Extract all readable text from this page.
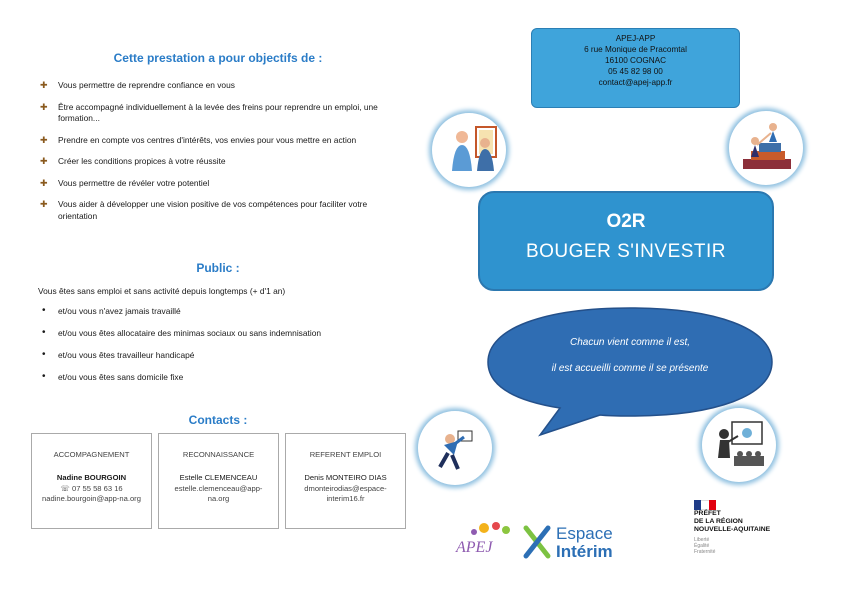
Cette prestation a pour objectifs de :
✚ Vous permettre de reprendre confiance en vous
✚ Être accompagné individuellement à la levée des freins pour reprendre un emploi, une formation...
✚ Prendre en compte vos centres d'intérêts, vos envies pour vous mettre en action
✚ Créer les conditions propices à votre réussite
✚ Vous permettre de révéler votre potentiel
✚ Vous aider à développer une vision positive de vos compétences pour faciliter votre orientation
Public :
Vous êtes sans emploi et sans activité depuis longtemps (+ d'1 an)
• et/ou vous n'avez jamais travaillé
• et/ou vous êtes allocataire des minimas sociaux ou sans indemnisation
• et/ou vous êtes travailleur handicapé
• et/ou vous êtes sans domicile fixe
Contacts :
ACCOMPAGNEMENT
Nadine BOURGOIN
☏ 07 55 58 63 16
nadine.bourgoin@app-na.org
RECONNAISSANCE
Estelle CLEMENCEAU
estelle.clemenceau@app-
na.org
REFERENT EMPLOI
Denis MONTEIRO DIAS
dmonteirodias@espace-
interim16.fr
APEJ-APP
6 rue Monique de Pracomtal
16100 COGNAC
05 45 82 98 00
contact@apej-app.fr
O2R
BOUGER S'INVESTIR
Chacun vient comme il est,
il est accueilli comme il se présente
APEJ
Espace
Intérim
PRÉFET
DE LA RÉGION
NOUVELLE-AQUITAINE
Liberté
Égalité
Fraternité
